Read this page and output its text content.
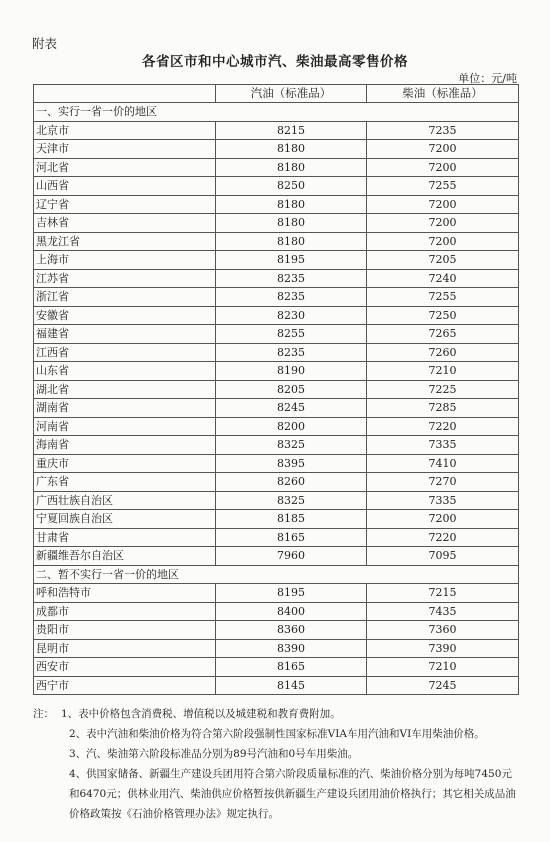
附表
各省区市和中心城市汽、柴油最高零售价格
单位：元/吨
	汽油（标准品）	柴油（标准品）
一、实行一省一价的地区		
北京市	8215	7235
天津市	8180	7200
河北省	8180	7200
山西省	8250	7255
辽宁省	8180	7200
吉林省	8180	7200
黑龙江省	8180	7200
上海市	8195	7205
江苏省	8235	7240
浙江省	8235	7255
安徽省	8230	7250
福建省	8255	7265
江西省	8235	7260
山东省	8190	7210
湖北省	8205	7225
湖南省	8245	7285
河南省	8200	7220
海南省	8325	7335
重庆市	8395	7410
广东省	8260	7270
广西壮族自治区	8325	7335
宁夏回族自治区	8185	7200
甘肃省	8165	7220
新疆维吾尔自治区	7960	7095
二、暂不实行一省一价的地区		
呼和浩特市	8195	7215
成都市	8400	7435
贵阳市	8360	7360
昆明市	8390	7390
西安市	8165	7210
西宁市	8145	7245
注： 1、表中价格包含消费税、增值税以及城建税和教育费附加。
2、表中汽油和柴油价格为符合第六阶段强制性国家标准VIA车用汽油和VI车用柴油价格。
3、汽、柴油第六阶段标准品分别为89号汽油和0号车用柴油。
4、供国家储备、新疆生产建设兵团用符合第六阶段质量标准的汽、柴油价格分别为每吨7450元和6470元；供林业用汽、柴油供应价格暂按供新疆生产建设兵团用油价格执行；其它相关成品油价格政策按《石油价格管理办法》规定执行。
